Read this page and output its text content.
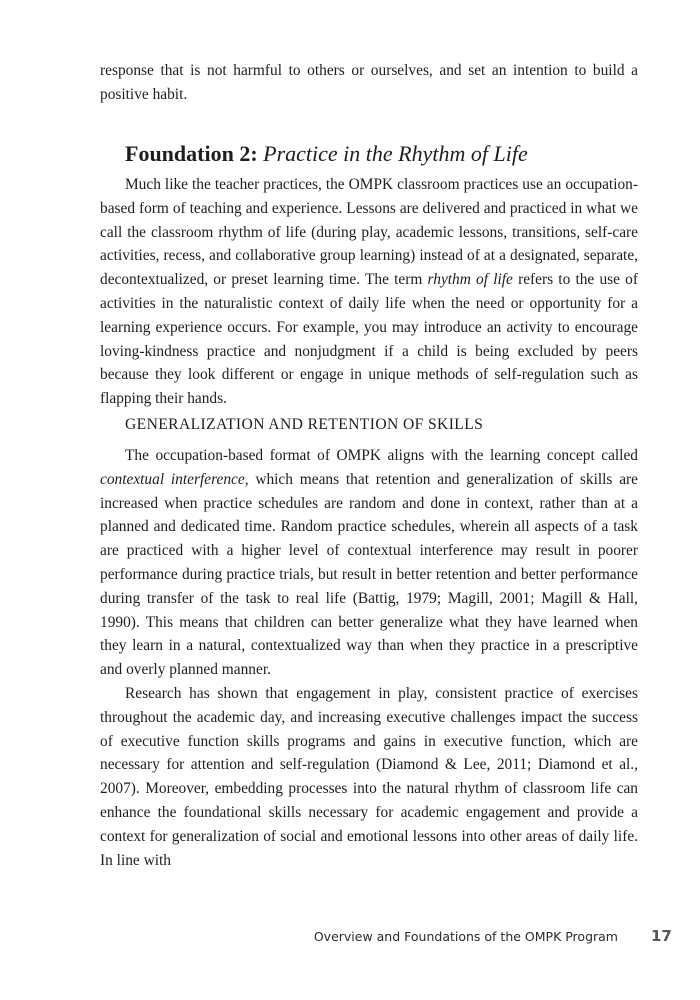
response that is not harmful to others or ourselves, and set an intention to build a positive habit.

Foundation 2: Practice in the Rhythm of Life

Much like the teacher practices, the OMPK classroom practices use an occupation-based form of teaching and experience. Lessons are delivered and practiced in what we call the classroom rhythm of life (during play, academic lessons, transitions, self-care activities, recess, and collaborative group learning) instead of at a designated, separate, decontextualized, or preset learning time. The term rhythm of life refers to the use of activities in the naturalistic context of daily life when the need or opportunity for a learning experience occurs. For example, you may introduce an activity to encourage loving-kindness practice and nonjudgment if a child is being excluded by peers because they look different or engage in unique methods of self-regulation such as flapping their hands.

GENERALIZATION AND RETENTION OF SKILLS

The occupation-based format of OMPK aligns with the learning concept called contextual interference, which means that retention and generalization of skills are increased when practice schedules are random and done in context, rather than at a planned and dedicated time. Random practice schedules, wherein all aspects of a task are practiced with a higher level of contextual interference may result in poorer performance during practice trials, but result in better retention and better performance during transfer of the task to real life (Battig, 1979; Magill, 2001; Magill & Hall, 1990). This means that children can better generalize what they have learned when they learn in a natural, contextualized way than when they practice in a prescriptive and overly planned manner.

Research has shown that engagement in play, consistent practice of exercises throughout the academic day, and increasing executive challenges impact the success of executive function skills programs and gains in executive function, which are necessary for attention and self-regulation (Diamond & Lee, 2011; Diamond et al., 2007). Moreover, embedding processes into the natural rhythm of classroom life can enhance the foundational skills necessary for academic engagement and provide a context for generalization of social and emotional lessons into other areas of daily life. In line with

Overview and Foundations of the OMPK Program 17
